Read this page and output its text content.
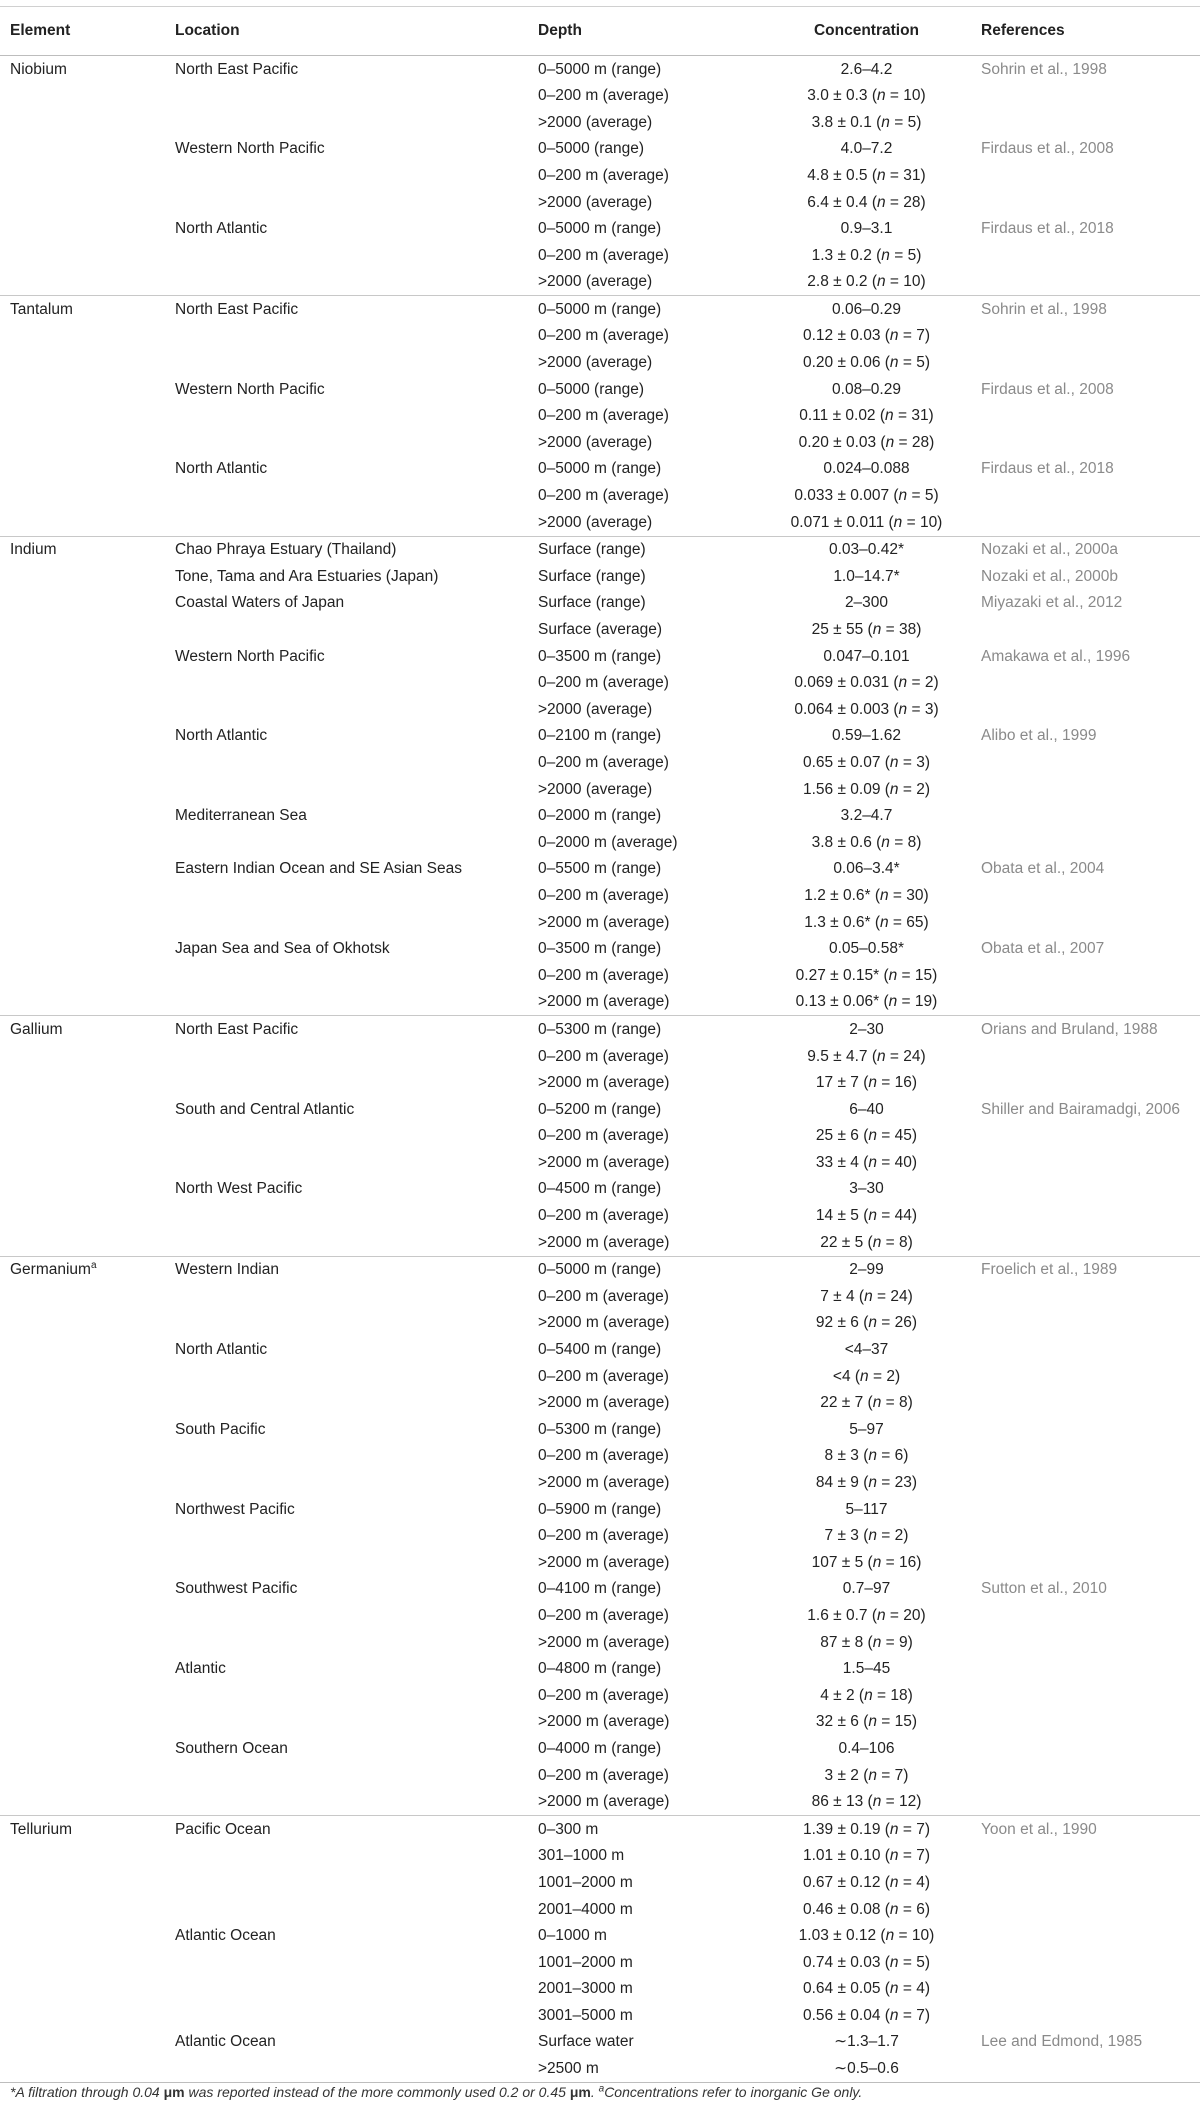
Element	Location	Depth	Concentration	References
Niobium	North East Pacific	0–5000 m (range)	2.6–4.2	Sohrin et al., 1998
		0–200 m (average)	3.0 ± 0.3 (n = 10)	
		>2000 (average)	3.8 ± 0.1 (n = 5)	
	Western North Pacific	0–5000 (range)	4.0–7.2	Firdaus et al., 2008
		0–200 m (average)	4.8 ± 0.5 (n = 31)	
		>2000 (average)	6.4 ± 0.4 (n = 28)	
	North Atlantic	0–5000 m (range)	0.9–3.1	Firdaus et al., 2018
		0–200 m (average)	1.3 ± 0.2 (n = 5)	
		>2000 (average)	2.8 ± 0.2 (n = 10)	
Tantalum	North East Pacific	0–5000 m (range)	0.06–0.29	Sohrin et al., 1998
		0–200 m (average)	0.12 ± 0.03 (n = 7)	
		>2000 (average)	0.20 ± 0.06 (n = 5)	
	Western North Pacific	0–5000 (range)	0.08–0.29	Firdaus et al., 2008
		0–200 m (average)	0.11 ± 0.02 (n = 31)	
		>2000 (average)	0.20 ± 0.03 (n = 28)	
	North Atlantic	0–5000 m (range)	0.024–0.088	Firdaus et al., 2018
		0–200 m (average)	0.033 ± 0.007 (n = 5)	
		>2000 (average)	0.071 ± 0.011 (n = 10)	
Indium	Chao Phraya Estuary (Thailand)	Surface (range)	0.03–0.42*	Nozaki et al., 2000a
	Tone, Tama and Ara Estuaries (Japan)	Surface (range)	1.0–14.7*	Nozaki et al., 2000b
	Coastal Waters of Japan	Surface (range)	2–300	Miyazaki et al., 2012
		Surface (average)	25 ± 55 (n = 38)	
	Western North Pacific	0–3500 m (range)	0.047–0.101	Amakawa et al., 1996
		0–200 m (average)	0.069 ± 0.031 (n = 2)	
		>2000 (average)	0.064 ± 0.003 (n = 3)	
	North Atlantic	0–2100 m (range)	0.59–1.62	Alibo et al., 1999
		0–200 m (average)	0.65 ± 0.07 (n = 3)	
		>2000 (average)	1.56 ± 0.09 (n = 2)	
	Mediterranean Sea	0–2000 m (range)	3.2–4.7	
		0–2000 m (average)	3.8 ± 0.6 (n = 8)	
	Eastern Indian Ocean and SE Asian Seas	0–5500 m (range)	0.06–3.4*	Obata et al., 2004
		0–200 m (average)	1.2 ± 0.6* (n = 30)	
		>2000 m (average)	1.3 ± 0.6* (n = 65)	
	Japan Sea and Sea of Okhotsk	0–3500 m (range)	0.05–0.58*	Obata et al., 2007
		0–200 m (average)	0.27 ± 0.15* (n = 15)	
		>2000 m (average)	0.13 ± 0.06* (n = 19)	
Gallium	North East Pacific	0–5300 m (range)	2–30	Orians and Bruland, 1988
		0–200 m (average)	9.5 ± 4.7 (n = 24)	
		>2000 m (average)	17 ± 7 (n = 16)	
	South and Central Atlantic	0–5200 m (range)	6–40	Shiller and Bairamadgi, 2006
		0–200 m (average)	25 ± 6 (n = 45)	
		>2000 m (average)	33 ± 4 (n = 40)	
	North West Pacific	0–4500 m (range)	3–30	
		0–200 m (average)	14 ± 5 (n = 44)	
		>2000 m (average)	22 ± 5 (n = 8)	
Germanium$^a$	Western Indian	0–5000 m (range)	2–99	Froelich et al., 1989
		0–200 m (average)	7 ± 4 (n = 24)	
		>2000 m (average)	92 ± 6 (n = 26)	
	North Atlantic	0–5400 m (range)	<4–37	
		0–200 m (average)	<4 (n = 2)	
		>2000 m (average)	22 ± 7 (n = 8)	
	South Pacific	0–5300 m (range)	5–97	
		0–200 m (average)	8 ± 3 (n = 6)	
		>2000 m (average)	84 ± 9 (n = 23)	
	Northwest Pacific	0–5900 m (range)	5–117	
		0–200 m (average)	7 ± 3 (n = 2)	
		>2000 m (average)	107 ± 5 (n = 16)	
	Southwest Pacific	0–4100 m (range)	0.7–97	Sutton et al., 2010
		0–200 m (average)	1.6 ± 0.7 (n = 20)	
		>2000 m (average)	87 ± 8 (n = 9)	
	Atlantic	0–4800 m (range)	1.5–45	
		0–200 m (average)	4 ± 2 (n = 18)	
		>2000 m (average)	32 ± 6 (n = 15)	
	Southern Ocean	0–4000 m (range)	0.4–106	
		0–200 m (average)	3 ± 2 (n = 7)	
		>2000 m (average)	86 ± 13 (n = 12)	
Tellurium	Pacific Ocean	0–300 m	1.39 ± 0.19 (n = 7)	Yoon et al., 1990
		301–1000 m	1.01 ± 0.10 (n = 7)	
		1001–2000 m	0.67 ± 0.12 (n = 4)	
		2001–4000 m	0.46 ± 0.08 (n = 6)	
	Atlantic Ocean	0–1000 m	1.03 ± 0.12 (n = 10)	
		1001–2000 m	0.74 ± 0.03 (n = 5)	
		2001–3000 m	0.64 ± 0.05 (n = 4)	
		3001–5000 m	0.56 ± 0.04 (n = 7)	
	Atlantic Ocean	Surface water	∼1.3–1.7	Lee and Edmond, 1985
		>2500 m	∼0.5–0.6	
*A filtration through 0.04 μm was reported instead of the more commonly used 0.2 or 0.45 μm. $^a$Concentrations refer to inorganic Ge only.
